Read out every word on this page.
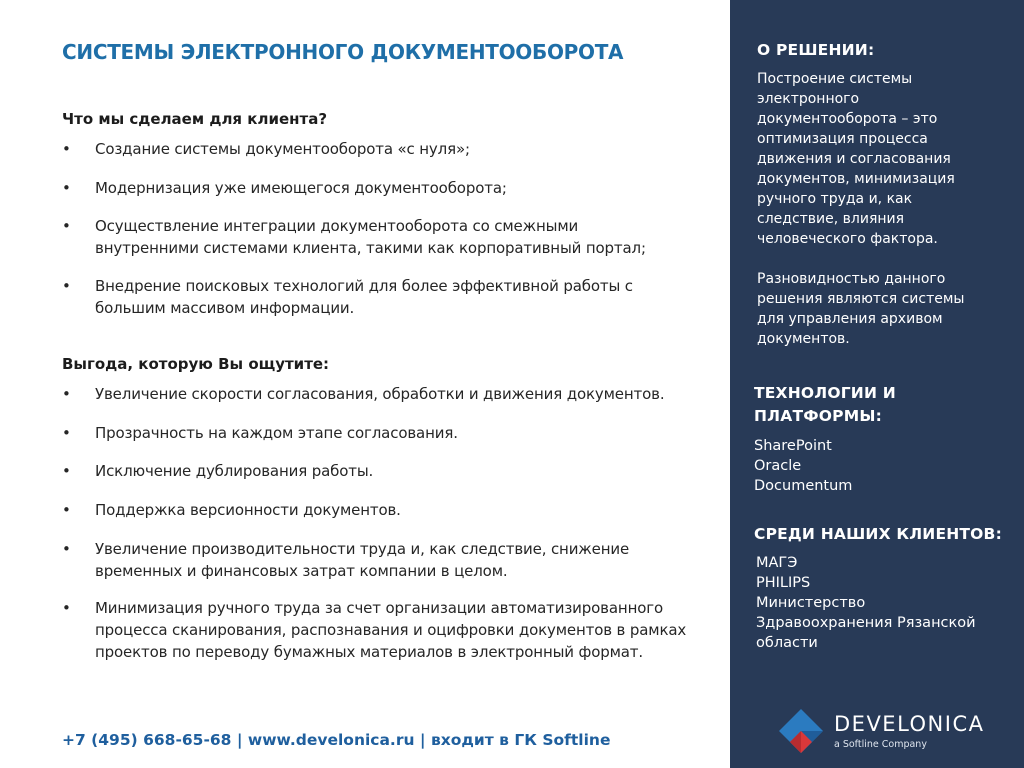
СИСТЕМЫ ЭЛЕКТРОННОГО ДОКУМЕНТООБОРОТА
Что мы сделаем для клиента?
•	Создание системы документооборота «с нуля»;
•	Модернизация уже имеющегося документооборота;
•	Осуществление интеграции документооборота со смежными внутренними системами клиента, такими как корпоративный портал;
•	Внедрение поисковых технологий для более эффективной работы с большим массивом информации.
Выгода, которую Вы ощутите:
•	Увеличение скорости согласования, обработки и движения документов.
•	Прозрачность на каждом этапе согласования.
•	Исключение дублирования работы.
•	Поддержка версионности документов.
•	Увеличение производительности труда и, как следствие, снижение временных и финансовых затрат компании в целом.
•	Минимизация ручного труда за счет организации автоматизированного процесса сканирования, распознавания и оцифровки документов в рамках проектов по переводу бумажных материалов в электронный формат.
+7 (495) 668-65-68 | www.develonica.ru | входит в ГК Softline
О РЕШЕНИИ:
Построение системы электронного документооборота – это оптимизация процесса движения и согласования документов, минимизация ручного труда и, как следствие, влияния человеческого фактора.
Разновидностью данного решения являются системы для управления архивом документов.
ТЕХНОЛОГИИ И
ПЛАТФОРМЫ:
SharePoint
Oracle
Documentum
СРЕДИ НАШИХ КЛИЕНТОВ:
МАГЭ
PHILIPS
Министерство Здравоохранения Рязанской области
DEVELONICA
a Softline Company
